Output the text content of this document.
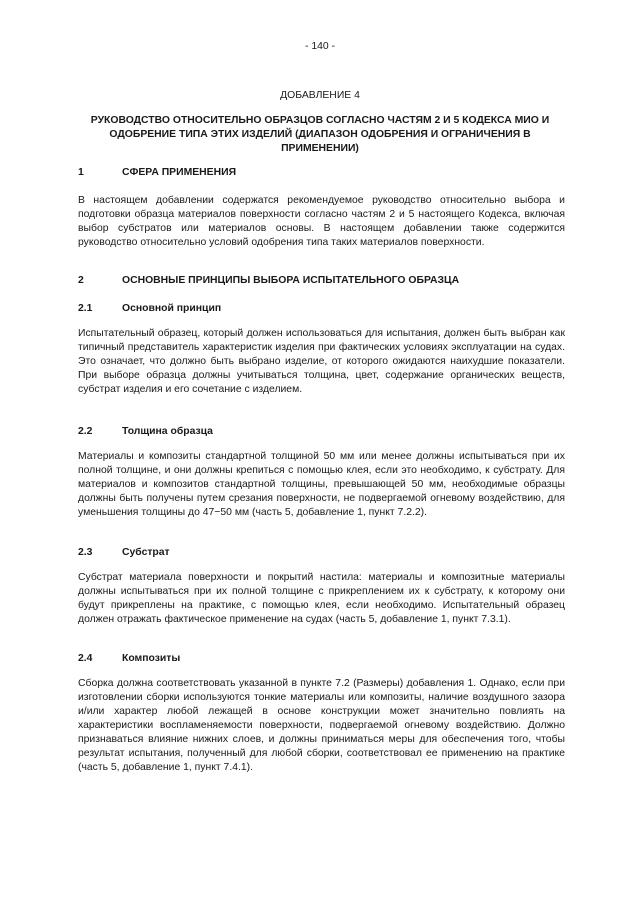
- 140 -
ДОБАВЛЕНИЕ 4
РУКОВОДСТВО ОТНОСИТЕЛЬНО ОБРАЗЦОВ СОГЛАСНО ЧАСТЯМ 2 И 5 КОДЕКСА МИО И ОДОБРЕНИЕ ТИПА ЭТИХ ИЗДЕЛИЙ (ДИАПАЗОН ОДОБРЕНИЯ И ОГРАНИЧЕНИЯ В ПРИМЕНЕНИИ)
1	СФЕРА ПРИМЕНЕНИЯ
В настоящем добавлении содержатся рекомендуемое руководство относительно выбора и подготовки образца материалов поверхности согласно частям 2 и 5 настоящего Кодекса, включая выбор субстратов или материалов основы. В настоящем добавлении также содержится руководство относительно условий одобрения типа таких материалов поверхности.
2	ОСНОВНЫЕ ПРИНЦИПЫ ВЫБОРА ИСПЫТАТЕЛЬНОГО ОБРАЗЦА
2.1	Основной принцип
Испытательный образец, который должен использоваться для испытания, должен быть выбран как типичный представитель характеристик изделия при фактических условиях эксплуатации на судах. Это означает, что должно быть выбрано изделие, от которого ожидаются наихудшие показатели. При выборе образца должны учитываться толщина, цвет, содержание органических веществ, субстрат изделия и его сочетание с изделием.
2.2	Толщина образца
Материалы и композиты стандартной толщиной 50 мм или менее должны испытываться при их полной толщине, и они должны крепиться с помощью клея, если это необходимо, к субстрату. Для материалов и композитов стандартной толщины, превышающей 50 мм, необходимые образцы должны быть получены путем срезания поверхности, не подвергаемой огневому воздействию, для уменьшения толщины до 47−50 мм (часть 5, добавление 1, пункт 7.2.2).
2.3	Субстрат
Субстрат материала поверхности и покрытий настила: материалы и композитные материалы должны испытываться при их полной толщине с прикреплением их к субстрату, к которому они будут прикреплены на практике, с помощью клея, если необходимо. Испытательный образец должен отражать фактическое применение на судах (часть 5, добавление 1, пункт 7.3.1).
2.4	Композиты
Сборка должна соответствовать указанной в пункте 7.2 (Размеры) добавления 1. Однако, если при изготовлении сборки используются тонкие материалы или композиты, наличие воздушного зазора и/или характер любой лежащей в основе конструкции может значительно повлиять на характеристики воспламеняемости поверхности, подвергаемой огневому воздействию. Должно признаваться влияние нижних слоев, и должны приниматься меры для обеспечения того, чтобы результат испытания, полученный для любой сборки, соответствовал ее применению на практике (часть 5, добавление 1, пункт 7.4.1).
